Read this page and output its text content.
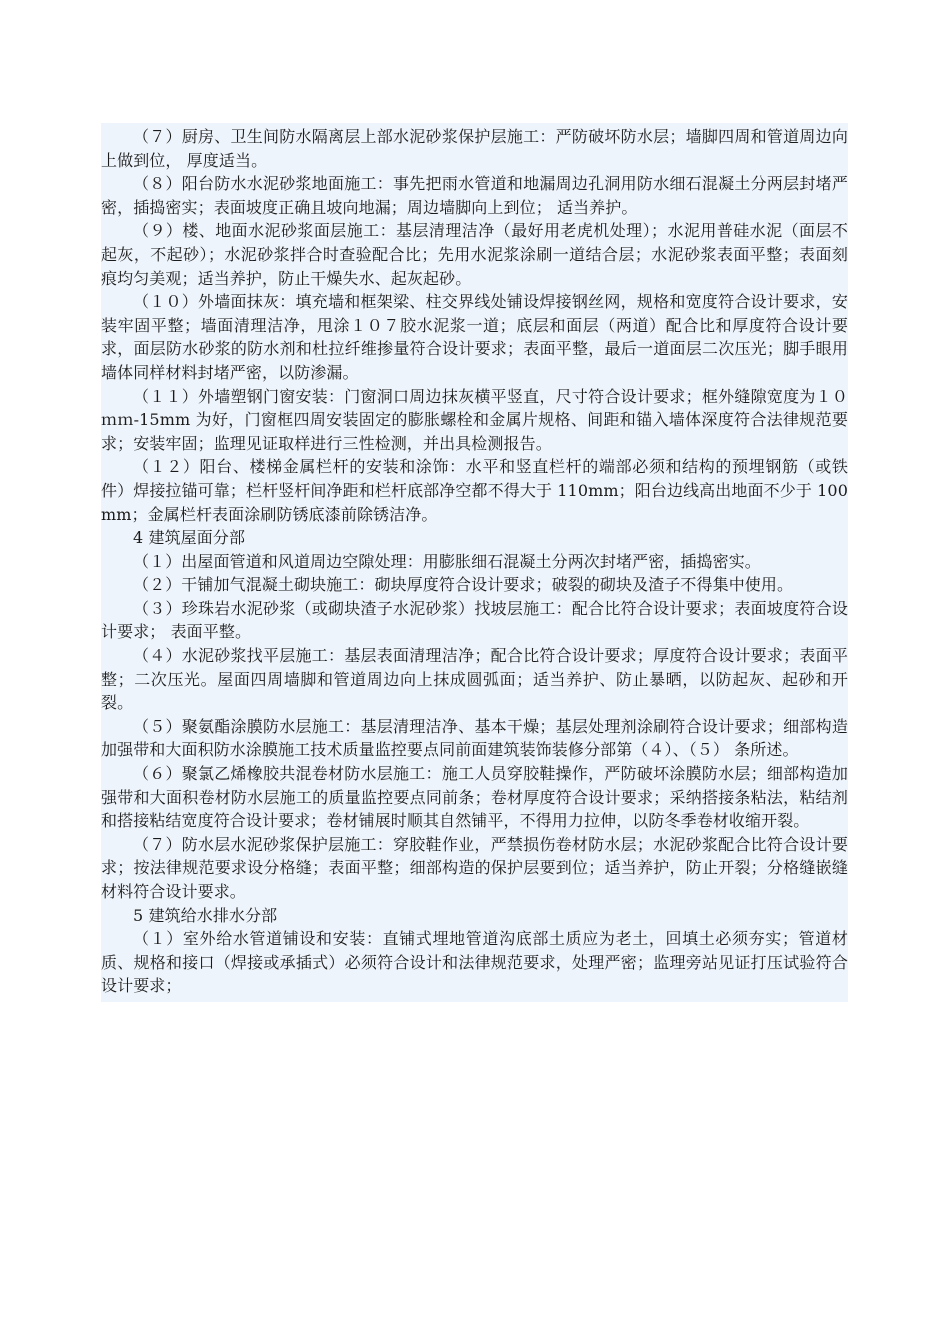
（７）厨房、卫生间防水隔离层上部水泥砂浆保护层施工：严防破坏防水层；墙脚四周和管道周边向上做到位， 厚度适当。

（８）阳台防水水泥砂浆地面施工：事先把雨水管道和地漏周边孔洞用防水细石混凝土分两层封堵严密，插捣密实；表面坡度正确且坡向地漏；周边墙脚向上到位； 适当养护。

（９）楼、地面水泥砂浆面层施工：基层清理洁净（最好用老虎机处理）；水泥用普硅水泥（面层不起灰，不起砂）；水泥砂浆拌合时查验配合比；先用水泥浆涂刷一道结合层；水泥砂浆表面平整；表面刻痕均匀美观；适当养护，防止干燥失水、起灰起砂。

（１０）外墙面抹灰：填充墙和框架梁、柱交界线处铺设焊接钢丝网，规格和宽度符合设计要求，安装牢固平整；墙面清理洁净，甩涂１０７胶水泥浆一道；底层和面层（两道）配合比和厚度符合设计要求，面层防水砂浆的防水剂和杜拉纤维掺量符合设计要求；表面平整，最后一道面层二次压光；脚手眼用墙体同样材料封堵严密，以防渗漏。

（１１）外墙塑钢门窗安装：门窗洞口周边抹灰横平竖直，尺寸符合设计要求；框外缝隙宽度为１０ｍｍ-15mm 为好，门窗框四周安装固定的膨胀螺栓和金属片规格、间距和锚入墙体深度符合法律规范要求；安装牢固；监理见证取样进行三性检测，并出具检测报告。

（１２）阳台、楼梯金属栏杆的安装和涂饰：水平和竖直栏杆的端部必须和结构的预埋钢筋（或铁件）焊接拉锚可靠；栏杆竖杆间净距和栏杆底部净空都不得大于 110mm；阳台边线高出地面不少于 100mm；金属栏杆表面涂刷防锈底漆前除锈洁净。

4 建筑屋面分部

（１）出屋面管道和风道周边空隙处理：用膨胀细石混凝土分两次封堵严密，插捣密实。

（２）干铺加气混凝土砌块施工：砌块厚度符合设计要求；破裂的砌块及渣子不得集中使用。

（３）珍珠岩水泥砂浆（或砌块渣子水泥砂浆）找坡层施工：配合比符合设计要求；表面坡度符合设计要求； 表面平整。

（４）水泥砂浆找平层施工：基层表面清理洁净；配合比符合设计要求；厚度符合设计要求；表面平整；二次压光。屋面四周墙脚和管道周边向上抹成圆弧面；适当养护、防止暴晒，以防起灰、起砂和开裂。

（５）聚氨酯涂膜防水层施工：基层清理洁净、基本干燥；基层处理剂涂刷符合设计要求；细部构造加强带和大面积防水涂膜施工技术质量监控要点同前面建筑装饰装修分部第（４）、（５） 条所述。

（６）聚氯乙烯橡胶共混卷材防水层施工：施工人员穿胶鞋操作，严防破坏涂膜防水层；细部构造加强带和大面积卷材防水层施工的质量监控要点同前条；卷材厚度符合设计要求；采纳搭接条粘法，粘结剂和搭接粘结宽度符合设计要求；卷材铺展时顺其自然铺平，不得用力拉伸，以防冬季卷材收缩开裂。

（７）防水层水泥砂浆保护层施工：穿胶鞋作业，严禁损伤卷材防水层；水泥砂浆配合比符合设计要求；按法律规范要求设分格缝；表面平整；细部构造的保护层要到位；适当养护，防止开裂；分格缝嵌缝材料符合设计要求。

5 建筑给水排水分部

（１）室外给水管道铺设和安装：直铺式埋地管道沟底部土质应为老土，回填土必须夯实；管道材质、规格和接口（焊接或承插式）必须符合设计和法律规范要求，处理严密；监理旁站见证打压试验符合设计要求；
